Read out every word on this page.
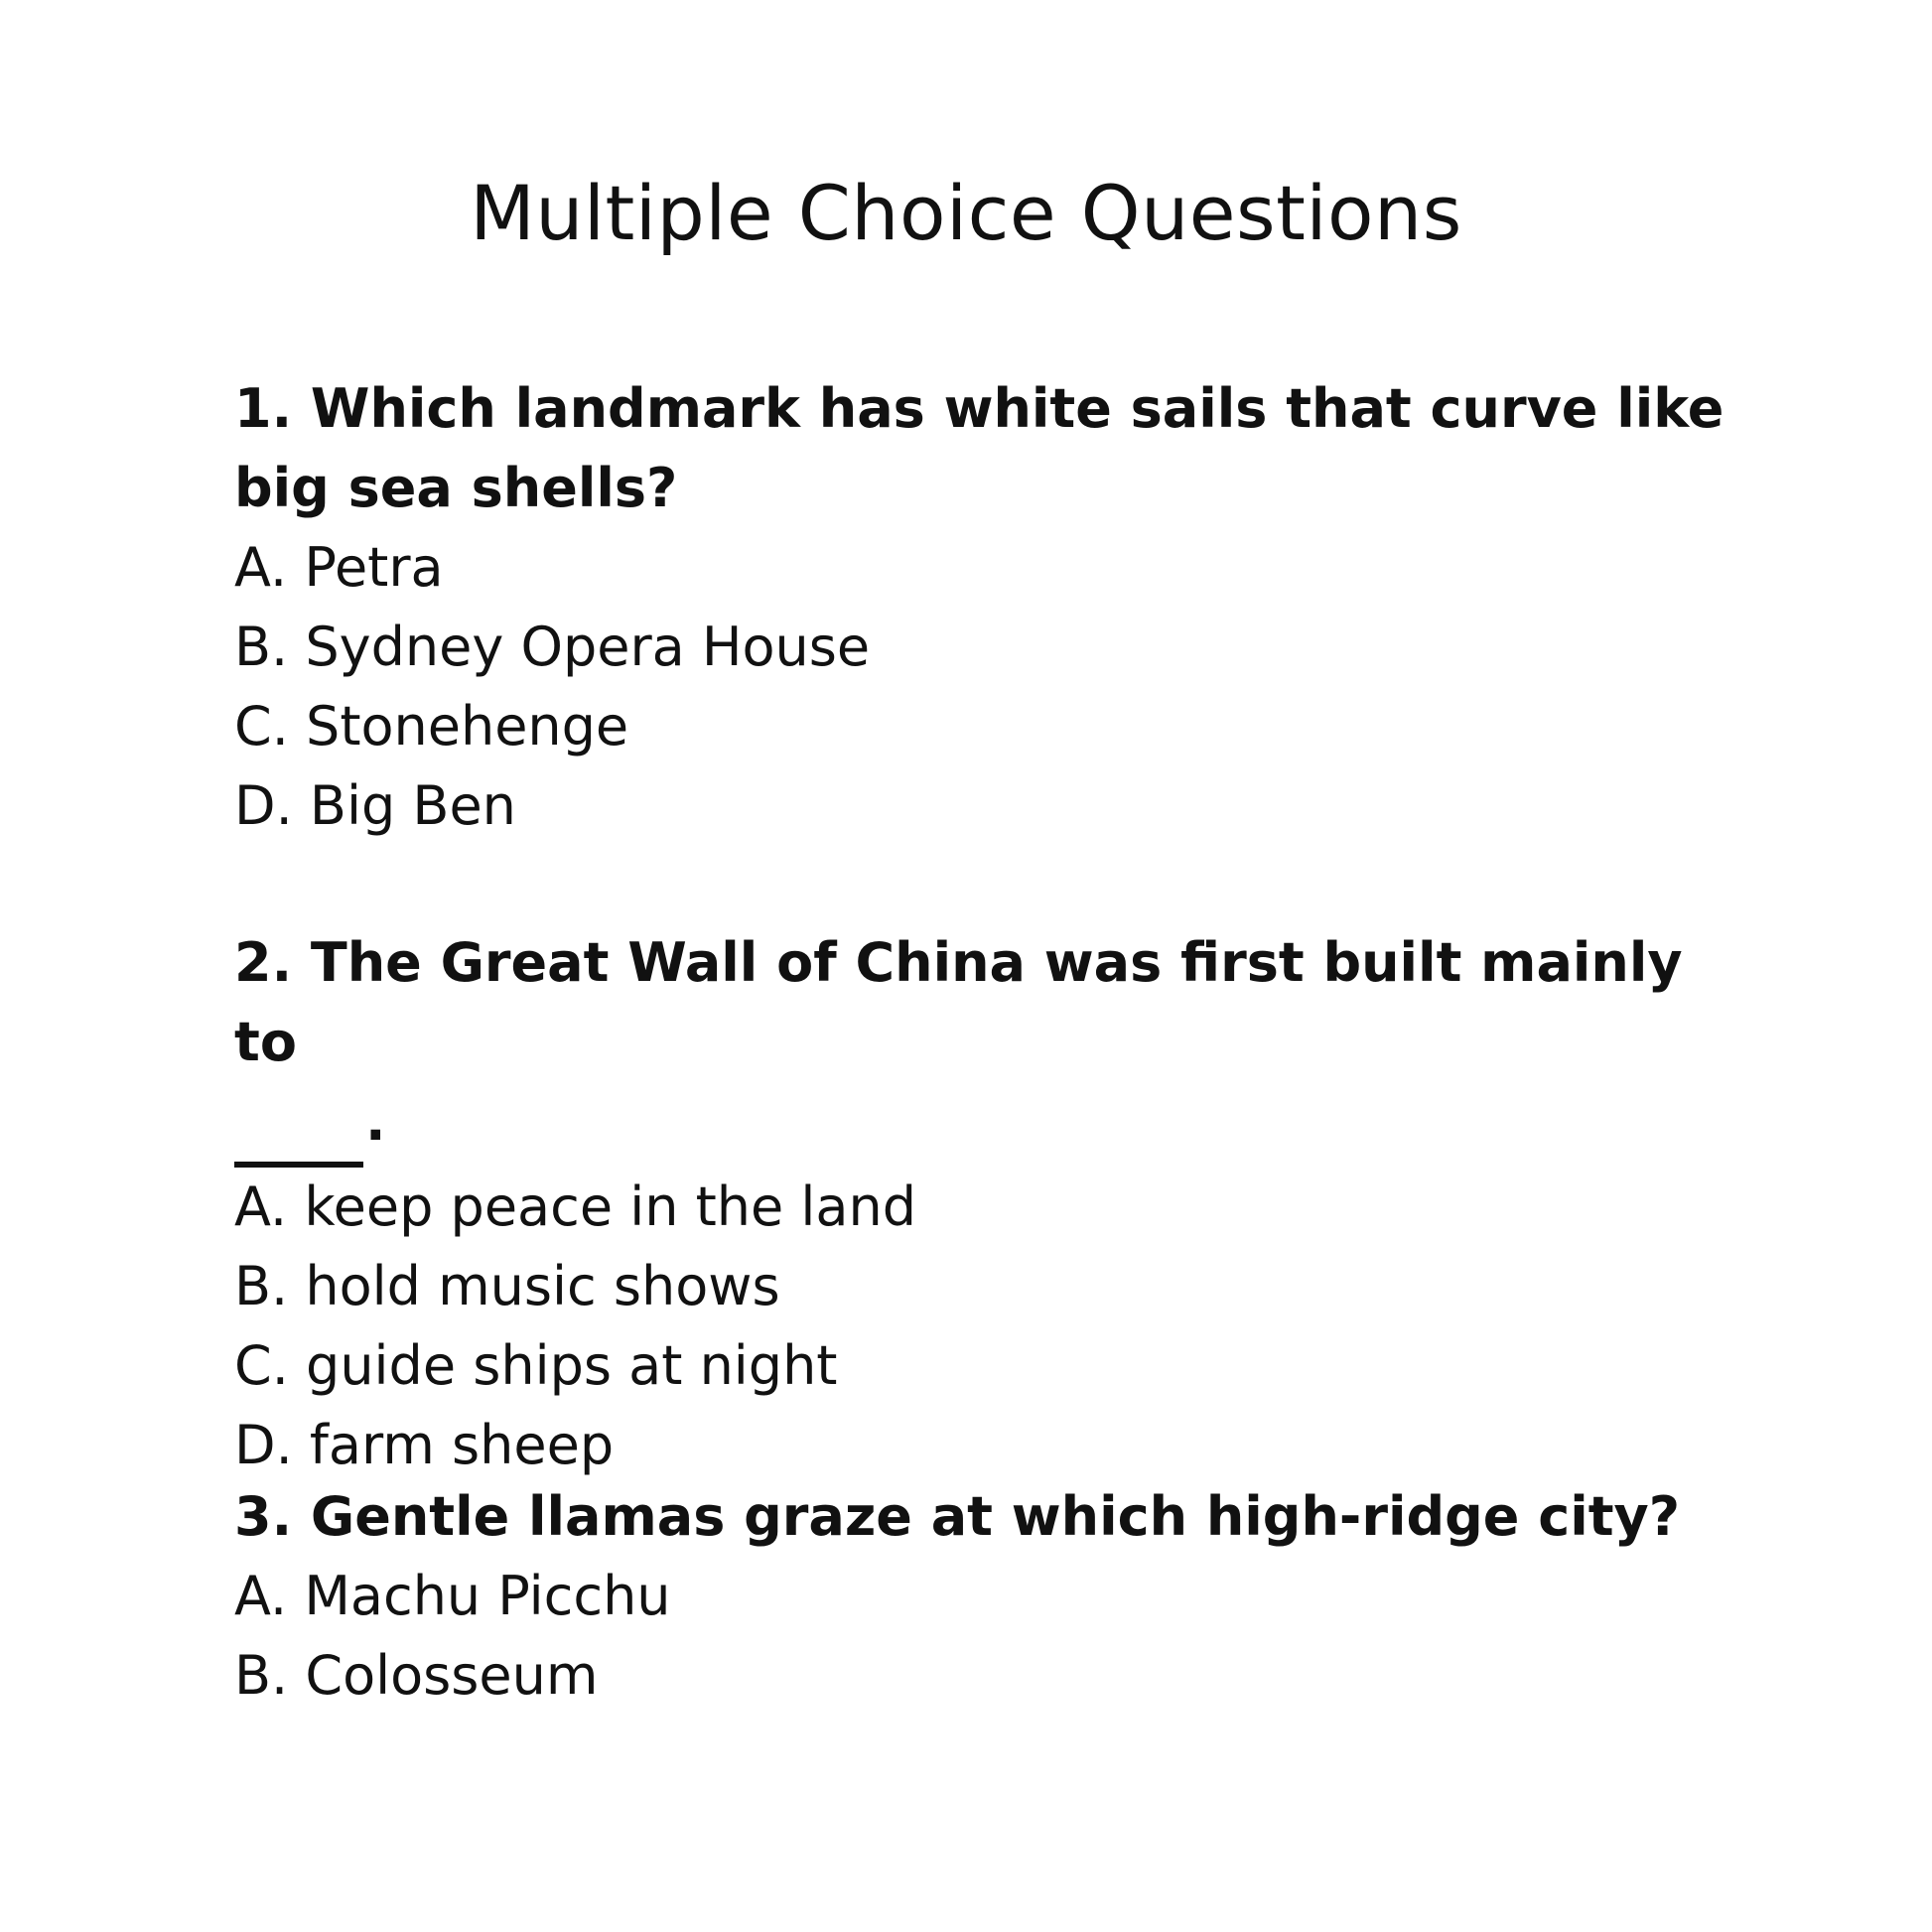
Multiple Choice Questions

1. Which landmark has white sails that curve like big sea shells?

A. Petra

B. Sydney Opera House

C. Stonehenge

D. Big Ben

2. The Great Wall of China was first built mainly to

.

A. keep peace in the land

B. hold music shows

C. guide ships at night

D. farm sheep

3. Gentle llamas graze at which high-ridge city?

A. Machu Picchu

B. Colosseum
